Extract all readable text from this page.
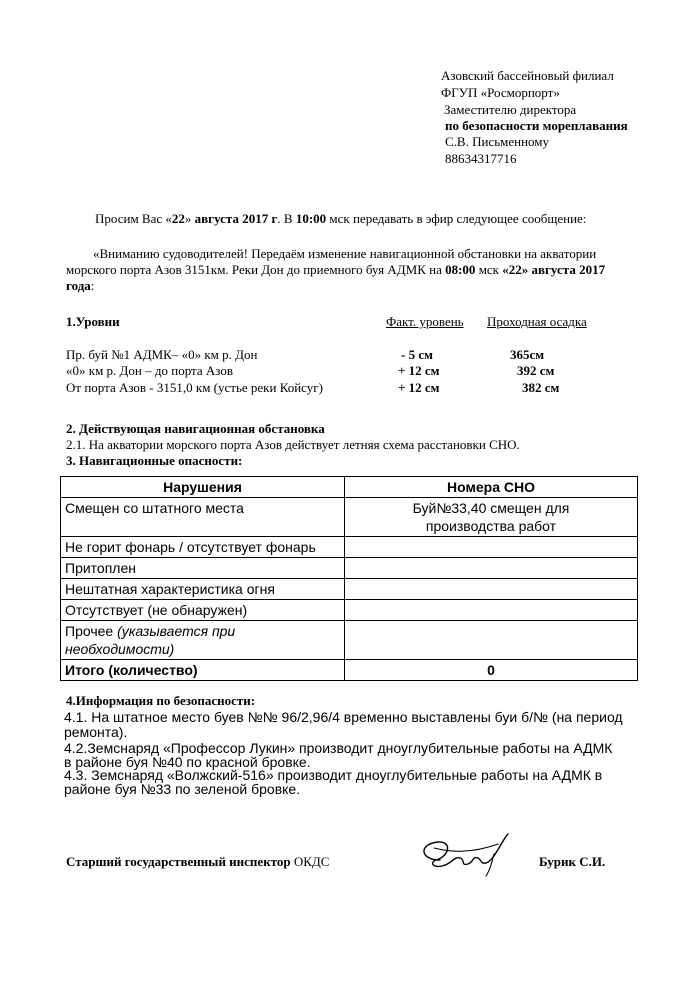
Азовский бассейновый филиал
ФГУП «Росморпорт»
Заместителю директора
по безопасности мореплавания
С.В. Письменному
88634317716
Просим Вас «22» августа 2017 г. В 10:00 мск передавать в эфир следующее сообщение:
«Вниманию судоводителей! Передаём изменение навигационной обстановки на акватории
морского порта Азов 3151км. Реки Дон до приемного буя АДМК на 08:00 мск «22» августа 2017
года:
1.Уровни	Факт. уровень Проходная осадка
Пр. буй №1 АДМК– «0» км р. Дон	- 5 см	365см
«0» км р. Дон – до порта Азов	+ 12 см	392 см
От порта Азов - 3151,0 км (устье реки Койсуг)	+ 12 см	382 см
2. Действующая навигационная обстановка
2.1. На акватории морского порта Азов действует летняя схема расстановки СНО.
3. Навигационные опасности:
Нарушения	Номера СНО
Смещен со штатного места	Буй№33,40 смещен для
производства работ

Не горит фонарь / отсутствует фонарь	
Притоплен	
Нештатная характеристика огня	
Отсутствует (не обнаружен)	

Прочее (указывается при
необходимости)	

Итого (количество)	0
4.Информация по безопасности:
4.1. На штатное место буев №№ 96/2,96/4 временно выставлены буи б/№ (на период
ремонта).
4.2.Земснаряд «Профессор Лукин» производит дноуглубительные работы на АДМК
в районе буя №40 по красной бровке.
4.3. Земснаряд «Волжский-516» производит дноуглубительные работы на АДМК в
районе буя №33 по зеленой бровке.
Старший государственный инспектор ОКДС	Бурик С.И.
